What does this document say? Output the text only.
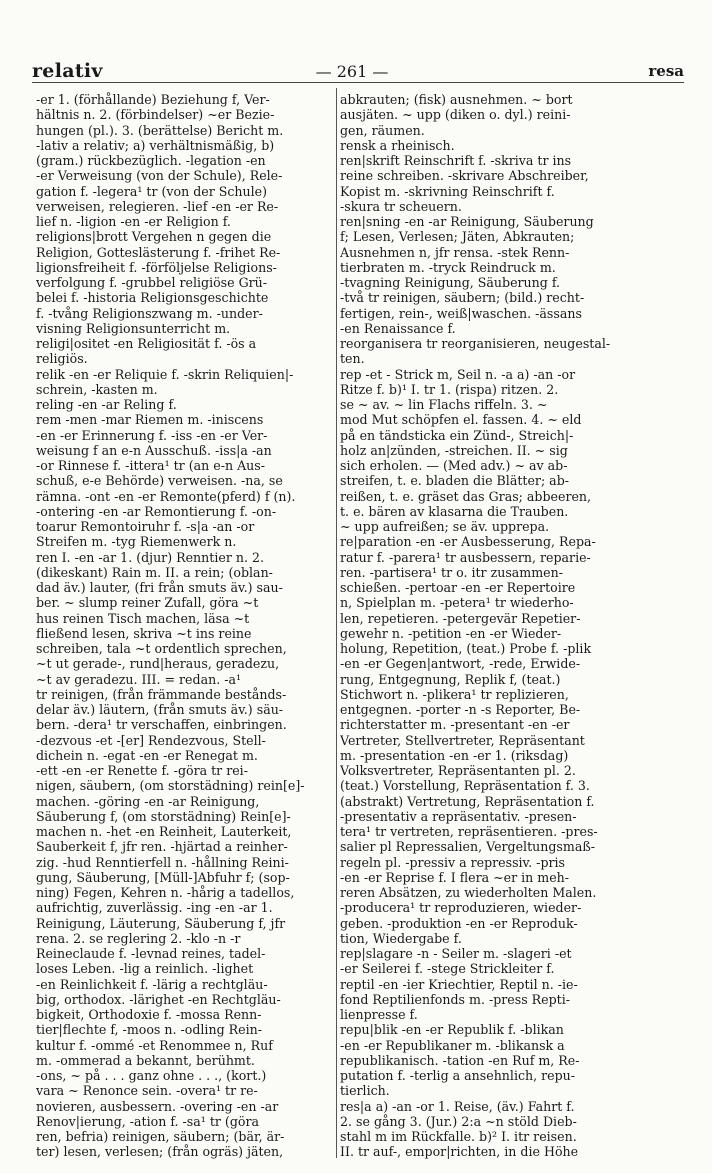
relativ	— 261 —	resa
-er 1. (förhållande) Beziehung f, Ver-
hältnis n. 2. (förbindelser) ~er Bezie-
hungen (pl.). 3. (berättelse) Bericht m.
-lativ a relativ; a) verhältnismäßig, b)
(gram.) rückbezüglich. -legation -en
-er Verweisung (von der Schule), Rele-
gation f. -legera¹ tr (von der Schule)
verweisen, relegieren. -lief -en -er Re-
lief n. -ligion -en -er Religion f.
religions|brott Vergehen n gegen die
Religion, Gotteslästerung f. -frihet Re-
ligionsfreiheit f. -förföljelse Religions-
verfolgung f. -grubbel religiöse Grü-
belei f. -historia Religionsgeschichte
f. -tvång Religionszwang m. -under-
visning Religionsunterricht m.
religi|ositet -en Religiosität f. -ös a
religiös.
relik -en -er Reliquie f. -skrin Reliquien|-
schrein, -kasten m.
reling -en -ar Reling f.
rem -men -mar Riemen m. -iniscens
-en -er Erinnerung f. -iss -en -er Ver-
weisung f an e-n Ausschuß. -iss|a -an
-or Rinnese f. -ittera¹ tr (an e-n Aus-
schuß, e-e Behörde) verweisen. -na, se
rämna. -ont -en -er Remonte(pferd) f (n).
-ontering -en -ar Remontierung f. -on-
toarur Remontoiruhr f. -s|a -an -or
Streifen m. -tyg Riemenwerk n.
ren I. -en -ar 1. (djur) Renntier n. 2.
(dikeskant) Rain m. II. a rein; (oblan-
dad äv.) lauter, (fri från smuts äv.) sau-
ber. ~ slump reiner Zufall, göra ~t
hus reinen Tisch machen, läsa ~t
fließend lesen, skriva ~t ins reine
schreiben, tala ~t ordentlich sprechen,
~t ut gerade-, rund|heraus, geradezu,
~t av geradezu. III. = redan. -a¹
tr reinigen, (från främmande bestånds-
delar äv.) läutern, (från smuts äv.) säu-
bern. -dera¹ tr verschaffen, einbringen.
-dezvous -et -[er] Rendezvous, Stell-
dichein n. -egat -en -er Renegat m.
-ett -en -er Renette f. -göra tr rei-
nigen, säubern, (om storstädning) rein[e]-
machen. -göring -en -ar Reinigung,
Säuberung f, (om storstädning) Rein[e]-
machen n. -het -en Reinheit, Lauterkeit,
Sauberkeit f, jfr ren. -hjärtad a reinher-
zig. -hud Renntierfell n. -hållning Reini-
gung, Säuberung, [Müll-]Abfuhr f; (sop-
ning) Fegen, Kehren n. -hårig a tadellos,
aufrichtig, zuverlässig. -ing -en -ar 1.
Reinigung, Läuterung, Säuberung f, jfr
rena. 2. se reglering 2. -klo -n -r
Reineclaude f. -levnad reines, tadel-
loses Leben. -lig a reinlich. -lighet
-en Reinlichkeit f. -lärig a rechtgläu-
big, orthodox. -lärighet -en Rechtgläu-
bigkeit, Orthodoxie f. -mossa Renn-
tier|flechte f, -moos n. -odling Rein-
kultur f. -ommé -et Renommee n, Ruf
m. -ommerad a bekannt, berühmt.
-ons, ~ på . . . ganz ohne . . ., (kort.)
vara ~ Renonce sein. -overa¹ tr re-
novieren, ausbessern. -overing -en -ar
Renov|ierung, -ation f. -sa¹ tr (göra
ren, befria) reinigen, säubern; (bär, är-
ter) lesen, verlesen; (från ogräs) jäten,
abkrauten; (fisk) ausnehmen. ~ bort
ausjäten. ~ upp (diken o. dyl.) reini-
gen, räumen.
rensk a rheinisch.
ren|skrift Reinschrift f. -skriva tr ins
reine schreiben. -skrivare Abschreiber,
Kopist m. -skrivning Reinschrift f.
-skura tr scheuern.
ren|sning -en -ar Reinigung, Säuberung
f; Lesen, Verlesen; Jäten, Abkrauten;
Ausnehmen n, jfr rensa. -stek Renn-
tierbraten m. -tryck Reindruck m.
-tvagning Reinigung, Säuberung f.
-två tr reinigen, säubern; (bild.) recht-
fertigen, rein-, weiß|waschen. -ässans
-en Renaissance f.
reorganisera tr reorganisieren, neugestal-
ten.
rep -et - Strick m, Seil n. -a a) -an -or
Ritze f. b)¹ I. tr 1. (rispa) ritzen. 2.
se ~ av. ~ lin Flachs riffeln. 3. ~
mod Mut schöpfen el. fassen. 4. ~ eld
på en tändsticka ein Zünd-, Streich|-
holz an|zünden, -streichen. II. ~ sig
sich erholen. — (Med adv.) ~ av ab-
streifen, t. e. bladen die Blätter; ab-
reißen, t. e. gräset das Gras; abbeeren,
t. e. bären av klasarna die Trauben.
~ upp aufreißen; se äv. upprepa.
re|paration -en -er Ausbesserung, Repa-
ratur f. -parera¹ tr ausbessern, reparie-
ren. -partisera¹ tr o. itr zusammen-
schießen. -pertoar -en -er Repertoire
n, Spielplan m. -petera¹ tr wiederho-
len, repetieren. -petergevär Repetier-
gewehr n. -petition -en -er Wieder-
holung, Repetition, (teat.) Probe f. -plik
-en -er Gegen|antwort, -rede, Erwide-
rung, Entgegnung, Replik f, (teat.)
Stichwort n. -plikera¹ tr replizieren,
entgegnen. -porter -n -s Reporter, Be-
richterstatter m. -presentant -en -er
Vertreter, Stellvertreter, Repräsentant
m. -presentation -en -er 1. (riksdag)
Volksvertreter, Repräsentanten pl. 2.
(teat.) Vorstellung, Repräsentation f. 3.
(abstrakt) Vertretung, Repräsentation f.
-presentativ a repräsentativ. -presen-
tera¹ tr vertreten, repräsentieren. -pres-
salier pl Repressalien, Vergeltungsmaß-
regeln pl. -pressiv a repressiv. -pris
-en -er Reprise f. I flera ~er in meh-
reren Absätzen, zu wiederholten Malen.
-producera¹ tr reproduzieren, wieder-
geben. -produktion -en -er Reproduk-
tion, Wiedergabe f.
rep|slagare -n - Seiler m. -slageri -et
-er Seilerei f. -stege Strickleiter f.
reptil -en -ier Kriechtier, Reptil n. -ie-
fond Reptilienfonds m. -press Repti-
lienpresse f.
repu|blik -en -er Republik f. -blikan
-en -er Republikaner m. -blikansk a
republikanisch. -tation -en Ruf m, Re-
putation f. -terlig a ansehnlich, repu-
tierlich.
res|a a) -an -or 1. Reise, (äv.) Fahrt f.
2. se gång 3. (Jur.) 2:a ~n stöld Dieb-
stahl m im Rückfalle. b)² I. itr reisen.
II. tr auf-, empor|richten, in die Höhe
